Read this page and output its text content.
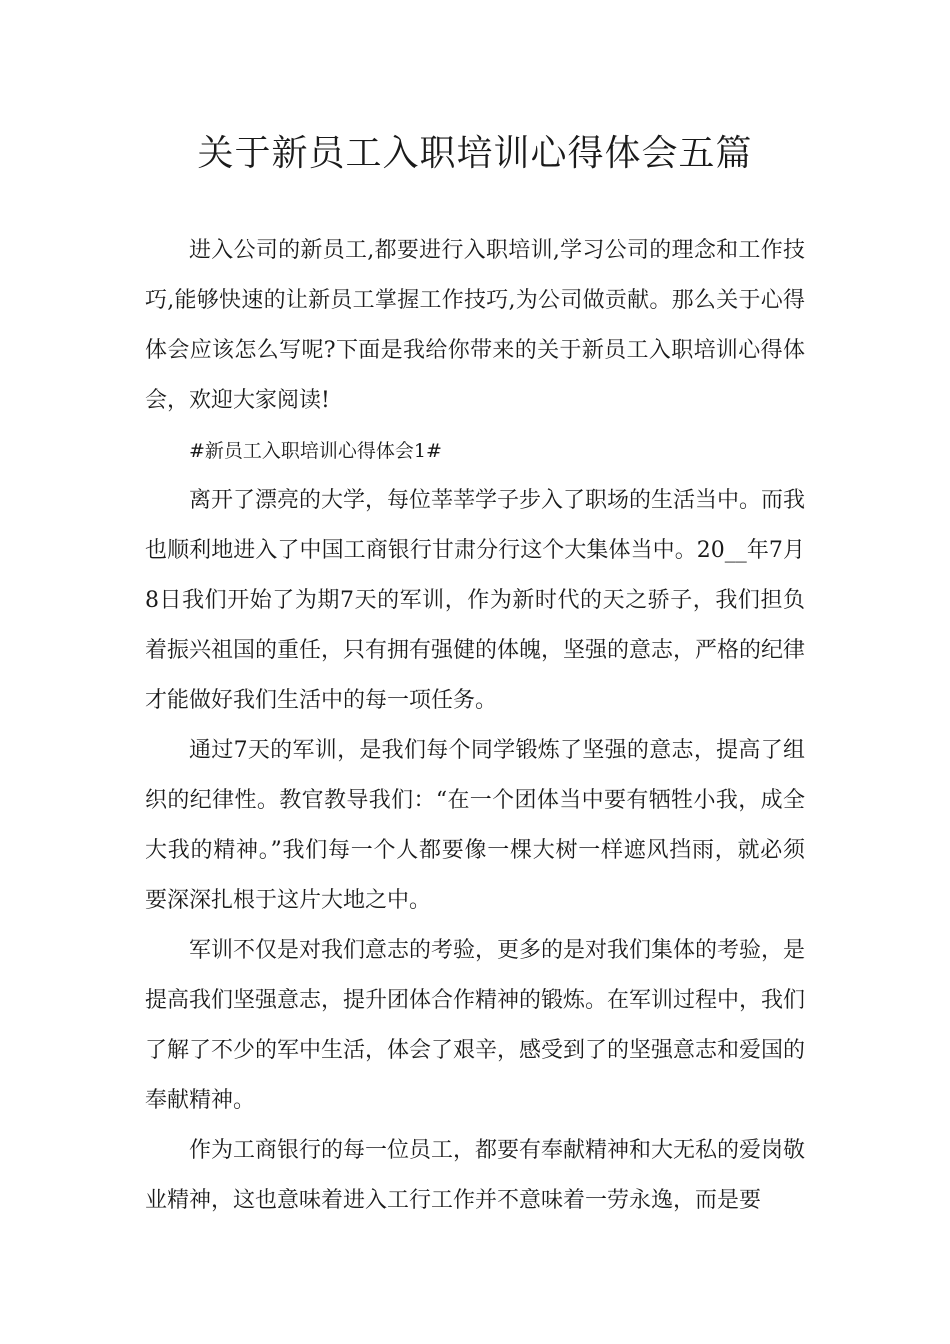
关于新员工入职培训心得体会五篇

进入公司的新员工,都要进行入职培训,学习公司的理念和工作技巧,能够快速的让新员工掌握工作技巧,为公司做贡献。那么关于心得体会应该怎么写呢?下面是我给你带来的关于新员工入职培训心得体会，欢迎大家阅读!

#新员工入职培训心得体会1#

离开了漂亮的大学，每位莘莘学子步入了职场的生活当中。而我也顺利地进入了中国工商银行甘肃分行这个大集体当中。20__年7月8日我们开始了为期7天的军训，作为新时代的天之骄子，我们担负着振兴祖国的重任，只有拥有强健的体魄，坚强的意志，严格的纪律才能做好我们生活中的每一项任务。

通过7天的军训，是我们每个同学锻炼了坚强的意志，提高了组织的纪律性。教官教导我们：“在一个团体当中要有牺牲小我，成全大我的精神。”我们每一个人都要像一棵大树一样遮风挡雨，就必须要深深扎根于这片大地之中。

军训不仅是对我们意志的考验，更多的是对我们集体的考验，是提高我们坚强意志，提升团体合作精神的锻炼。在军训过程中，我们了解了不少的军中生活，体会了艰辛，感受到了的坚强意志和爱国的奉献精神。

作为工商银行的每一位员工，都要有奉献精神和大无私的爱岗敬业精神，这也意味着进入工行工作并不意味着一劳永逸，而是要
